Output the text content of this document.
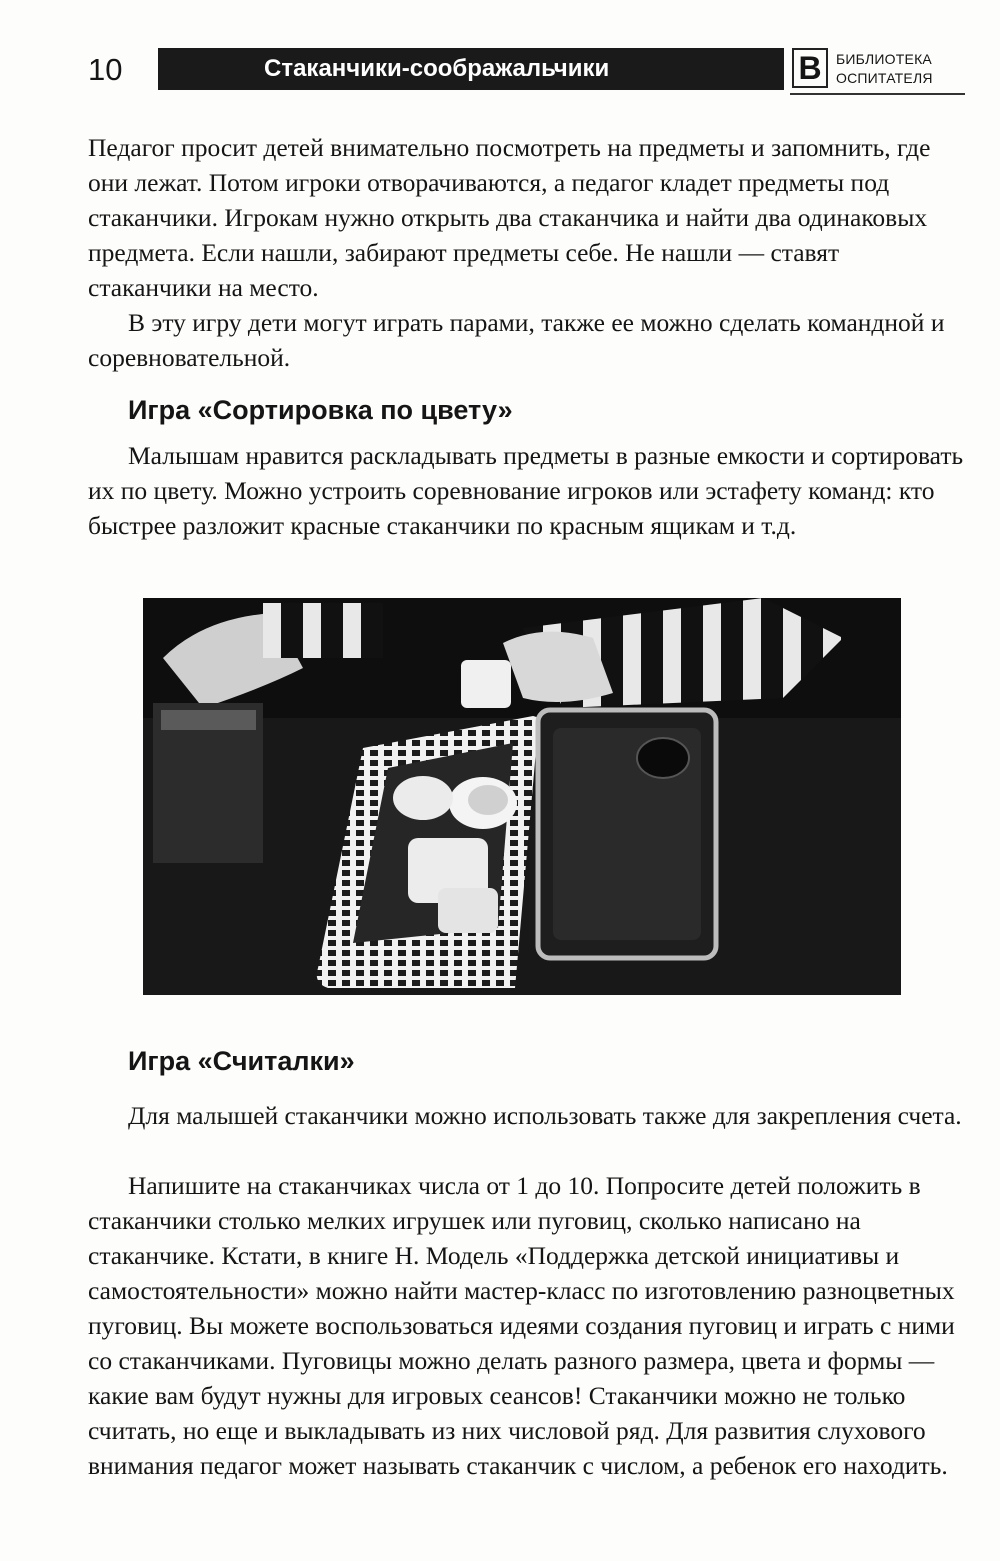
10	Стаканчики-соображальчики	В	БИБЛИОТЕКА
ОСПИТАТЕЛЯ

Педагог просит детей внимательно посмотреть на предметы и запомнить, где они лежат. Потом игроки отворачиваются, а педагог кладет предметы под стаканчики. Игрокам нужно открыть два стаканчика и найти два одинаковых предмета. Если нашли, забирают предметы себе. Не нашли — ставят стаканчики на место.

В эту игру дети могут играть парами, также ее можно сделать командной и соревновательной.

Игра «Сортировка по цвету»

Малышам нравится раскладывать предметы в разные емкости и сортировать их по цвету. Можно устроить соревнование игроков или эстафету команд: кто быстрее разложит красные стаканчики по красным ящикам и т.д.

Игра «Считалки»

Для малышей стаканчики можно использовать также для закрепления счета.

Напишите на стаканчиках числа от 1 до 10. Попросите детей положить в стаканчики столько мелких игрушек или пуговиц, сколько написано на стаканчике. Кстати, в книге Н. Модель «Поддержка детской инициативы и самостоятельности» можно найти мастер-класс по изготовлению разноцветных пуговиц. Вы можете воспользоваться идеями создания пуговиц и играть с ними со стаканчиками. Пуговицы можно делать разного размера, цвета и формы — какие вам будут нужны для игровых сеансов! Стаканчики можно не только считать, но еще и выкладывать из них числовой ряд. Для развития слухового внимания педагог может называть стаканчик с числом, а ребенок его находить.
